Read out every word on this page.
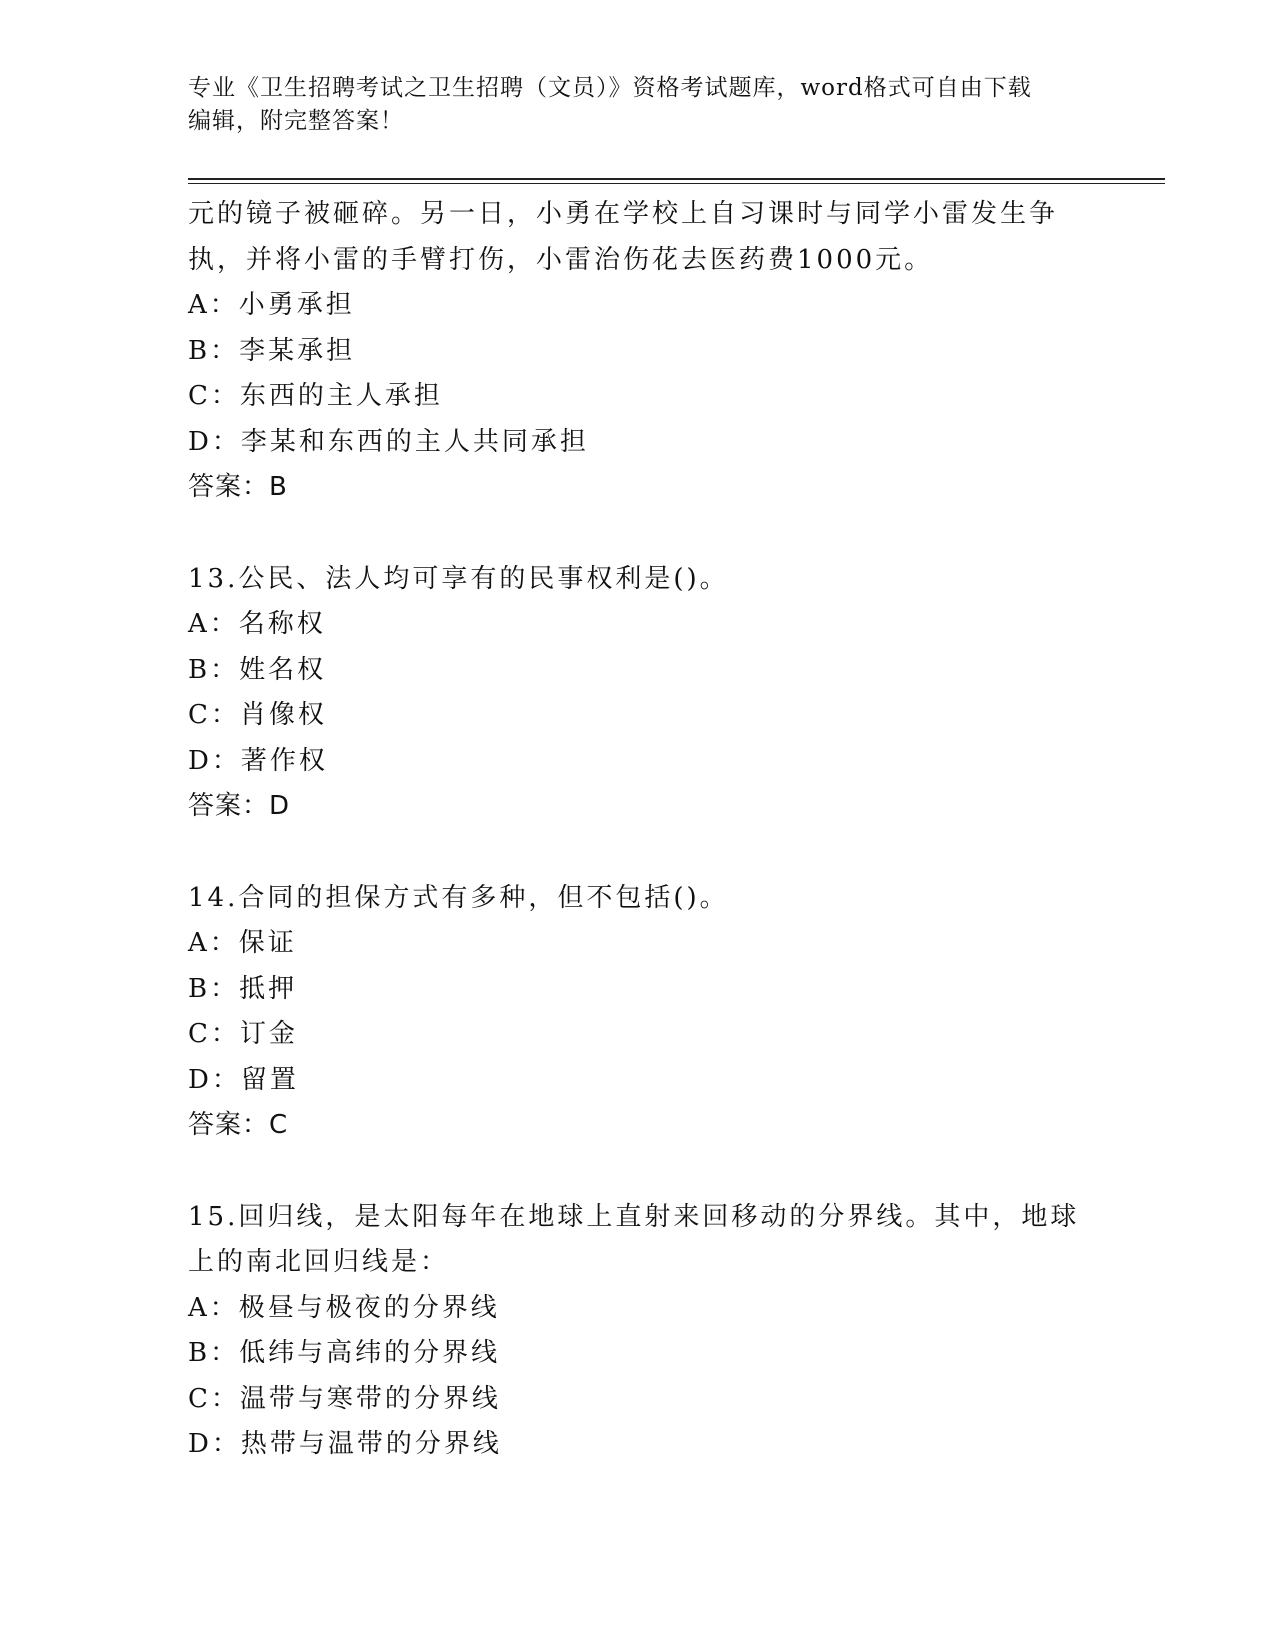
专业《卫生招聘考试之卫生招聘（文员）》资格考试题库，word格式可自由下载
编辑，附完整答案！
元的镜子被砸碎。另一日，小勇在学校上自习课时与同学小雷发生争
执，并将小雷的手臂打伤，小雷治伤花去医药费1000元。
A：小勇承担
B：李某承担
C：东西的主人承担
D：李某和东西的主人共同承担
答案：B
13.公民、法人均可享有的民事权利是()。
A：名称权
B：姓名权
C：肖像权
D：著作权
答案：D
14.合同的担保方式有多种，但不包括()。
A：保证
B：抵押
C：订金
D：留置
答案：C
15.回归线，是太阳每年在地球上直射来回移动的分界线。其中，地球
上的南北回归线是：
A：极昼与极夜的分界线
B：低纬与高纬的分界线
C：温带与寒带的分界线
D：热带与温带的分界线
